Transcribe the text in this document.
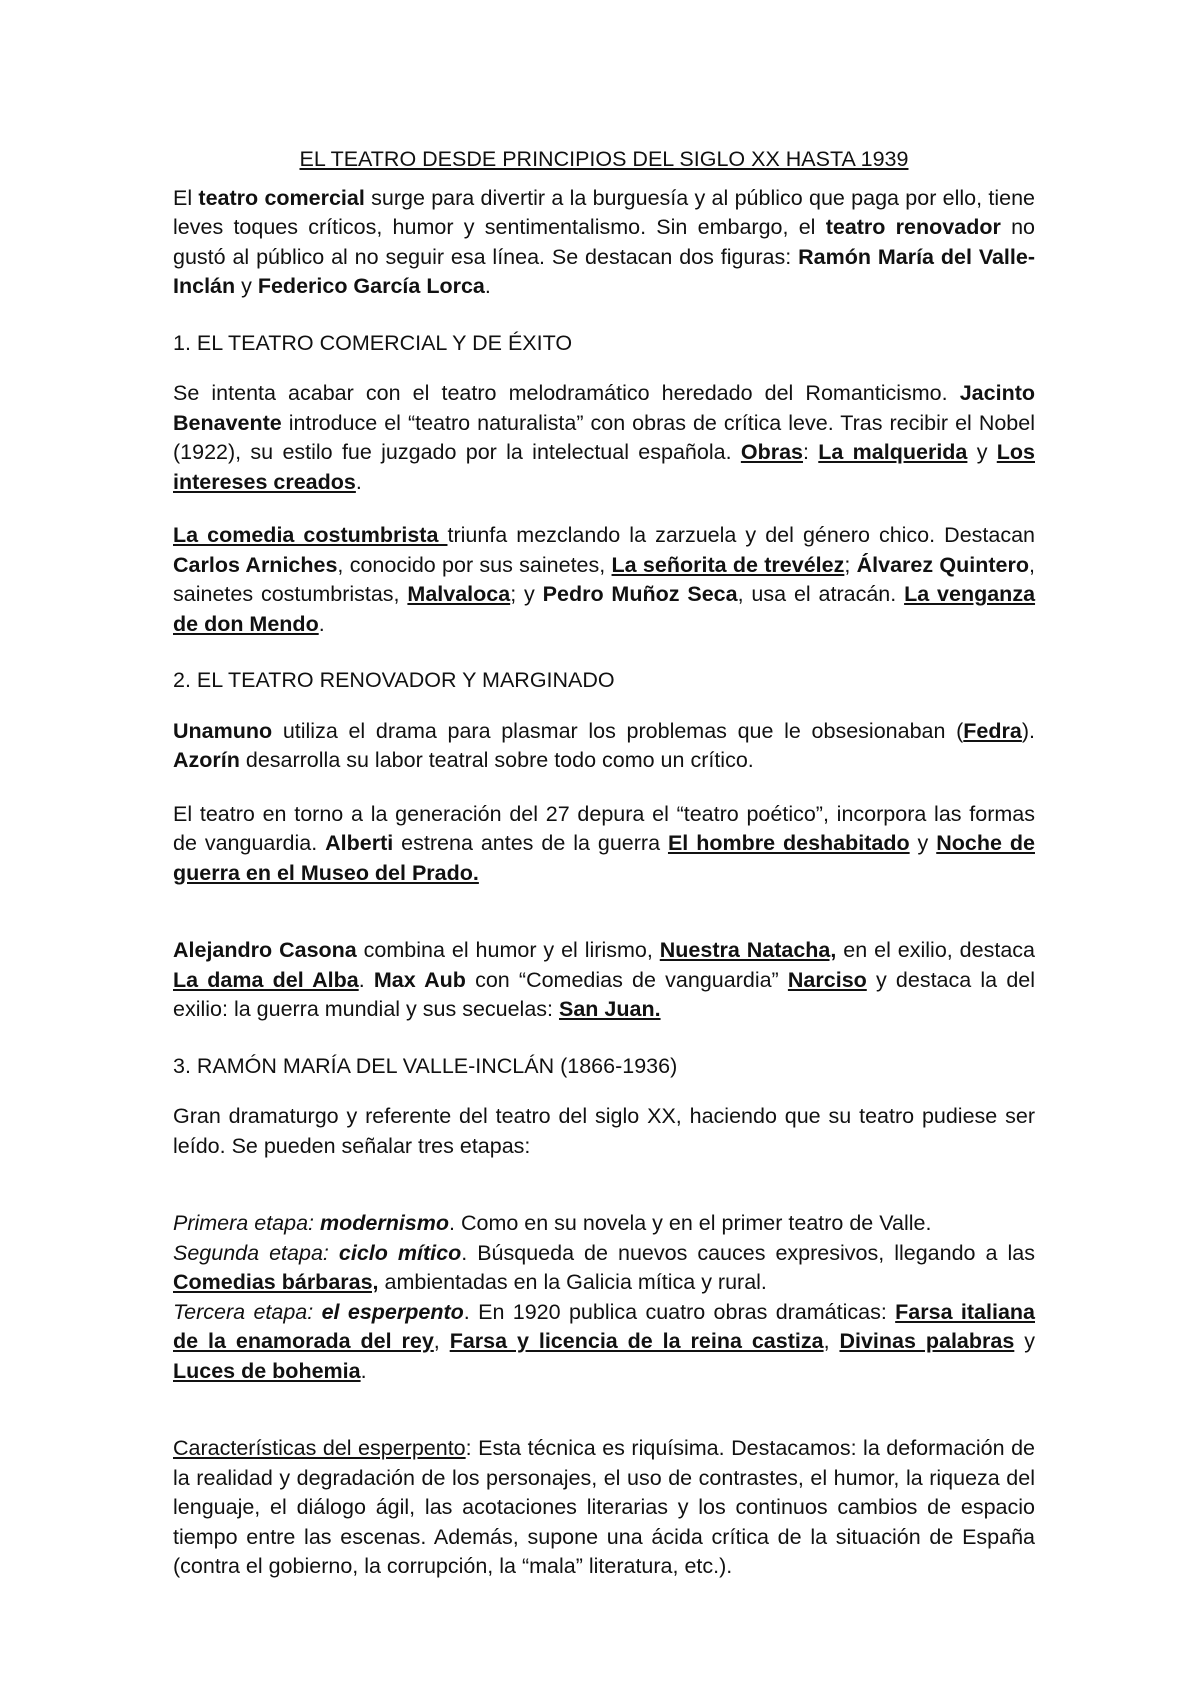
EL TEATRO DESDE PRINCIPIOS DEL SIGLO XX HASTA 1939

El teatro comercial surge para divertir a la burguesía y al público que paga por ello, tiene leves toques críticos, humor y sentimentalismo. Sin embargo, el teatro renovador no gustó al público al no seguir esa línea. Se destacan dos figuras: Ramón María del Valle-Inclán y Federico García Lorca.

1. EL TEATRO COMERCIAL Y DE ÉXITO

Se intenta acabar con el teatro melodramático heredado del Romanticismo. Jacinto Benavente introduce el “teatro naturalista” con obras de crítica leve. Tras recibir el Nobel (1922), su estilo fue juzgado por la intelectual española. Obras: La malquerida y Los intereses creados.

La comedia costumbrista triunfa mezclando la zarzuela y del género chico. Destacan Carlos Arniches, conocido por sus sainetes, La señorita de trevélez; Álvarez Quintero, sainetes costumbristas, Malvaloca; y Pedro Muñoz Seca, usa el atracán. La venganza de don Mendo.

2. EL TEATRO RENOVADOR Y MARGINADO

Unamuno utiliza el drama para plasmar los problemas que le obsesionaban (Fedra). Azorín desarrolla su labor teatral sobre todo como un crítico.

El teatro en torno a la generación del 27 depura el “teatro poético”, incorpora las formas de vanguardia. Alberti estrena antes de la guerra El hombre deshabitado y Noche de guerra en el Museo del Prado.

Alejandro Casona combina el humor y el lirismo, Nuestra Natacha, en el exilio, destaca La dama del Alba. Max Aub con “Comedias de vanguardia” Narciso y destaca la del exilio: la guerra mundial y sus secuelas: San Juan.

3. RAMÓN MARÍA DEL VALLE-INCLÁN (1866-1936)

Gran dramaturgo y referente del teatro del siglo XX, haciendo que su teatro pudiese ser leído. Se pueden señalar tres etapas:

Primera etapa: modernismo. Como en su novela y en el primer teatro de Valle.

Segunda etapa: ciclo mítico. Búsqueda de nuevos cauces expresivos, llegando a las Comedias bárbaras, ambientadas en la Galicia mítica y rural.

Tercera etapa: el esperpento. En 1920 publica cuatro obras dramáticas: Farsa italiana de la enamorada del rey, Farsa y licencia de la reina castiza, Divinas palabras y Luces de bohemia.

Características del esperpento: Esta técnica es riquísima. Destacamos: la deformación de la realidad y degradación de los personajes, el uso de contrastes, el humor, la riqueza del lenguaje, el diálogo ágil, las acotaciones literarias y los continuos cambios de espacio tiempo entre las escenas. Además, supone una ácida crítica de la situación de España (contra el gobierno, la corrupción, la “mala” literatura, etc.).
